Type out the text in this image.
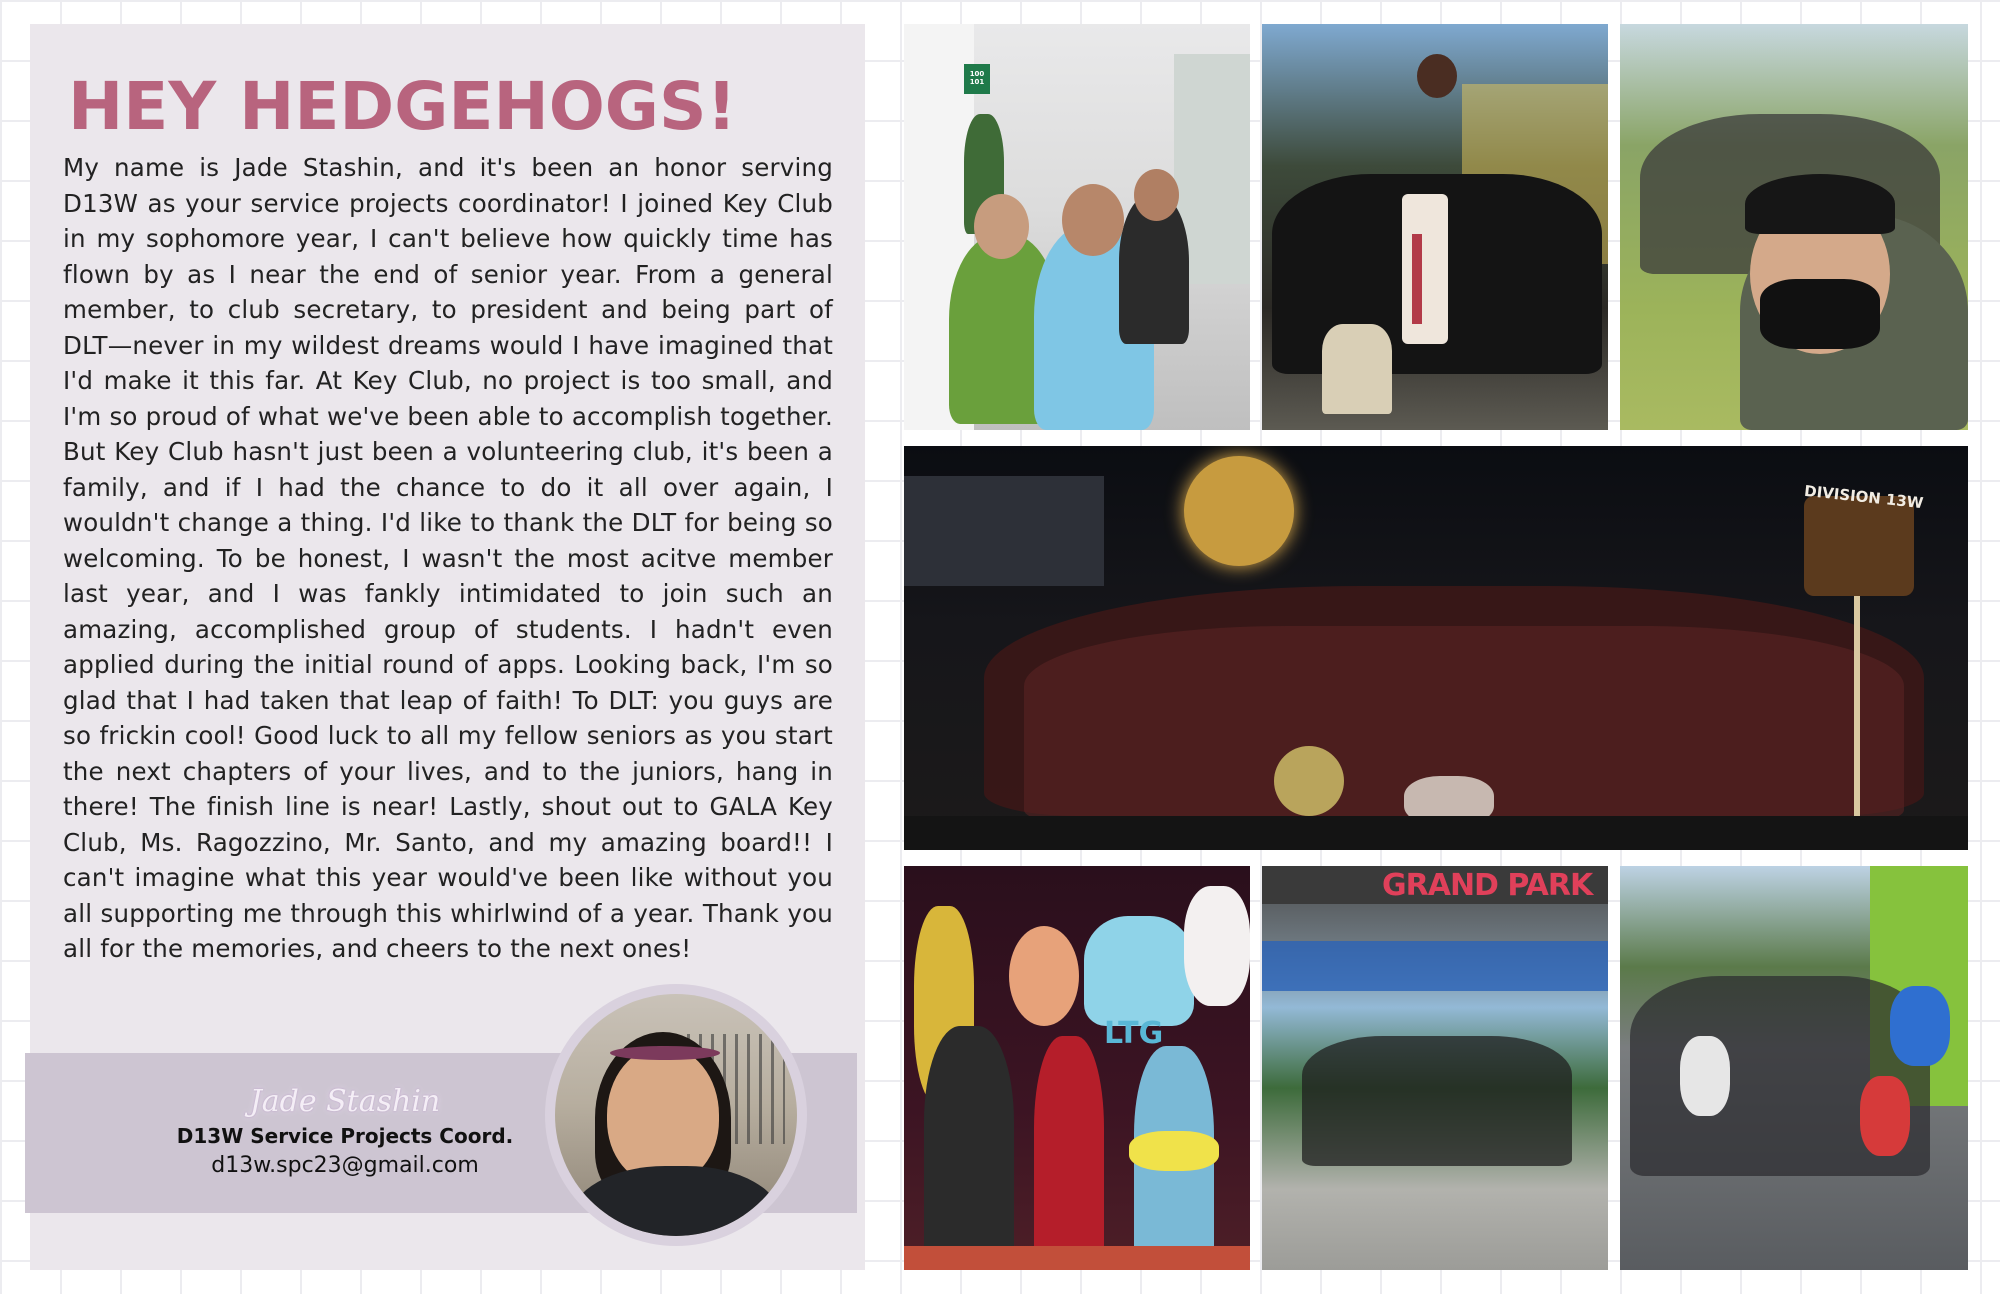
HEY HEDGEHOGS!

My name is Jade Stashin, and it's been an honor serving D13W as your service projects coordinator! I joined Key Club in my sophomore year, I can't believe how quickly time has flown by as I near the end of senior year. From a general member, to club secretary, to president and being part of DLT—never in my wildest dreams would I have imagined that I'd make it this far. At Key Club, no project is too small, and I'm so proud of what we've been able to accomplish together. But Key Club hasn't just been a volunteering club, it's been a family, and if I had the chance to do it all over again, I wouldn't change a thing. I'd like to thank the DLT for being so welcoming. To be honest, I wasn't the most acitve member last year, and I was fankly intimidated to join such an amazing, accomplished group of students. I hadn't even applied during the initial round of apps. Looking back, I'm so glad that I had taken that leap of faith! To DLT: you guys are so frickin cool! Good luck to all my fellow seniors as you start the next chapters of your lives, and to the juniors, hang in there! The finish line is near! Lastly, shout out to GALA Key Club, Ms. Ragozzino, Mr. Santo, and my amazing board!! I can't imagine what this year would've been like without you all supporting me through this whirlwind of a year. Thank you all for the memories, and cheers to the next ones!

Jade Stashin
D13W Service Projects Coord.
d13w.spc23@gmail.com
100 101
DIVISION 13W
LTG
GRAND PARK
